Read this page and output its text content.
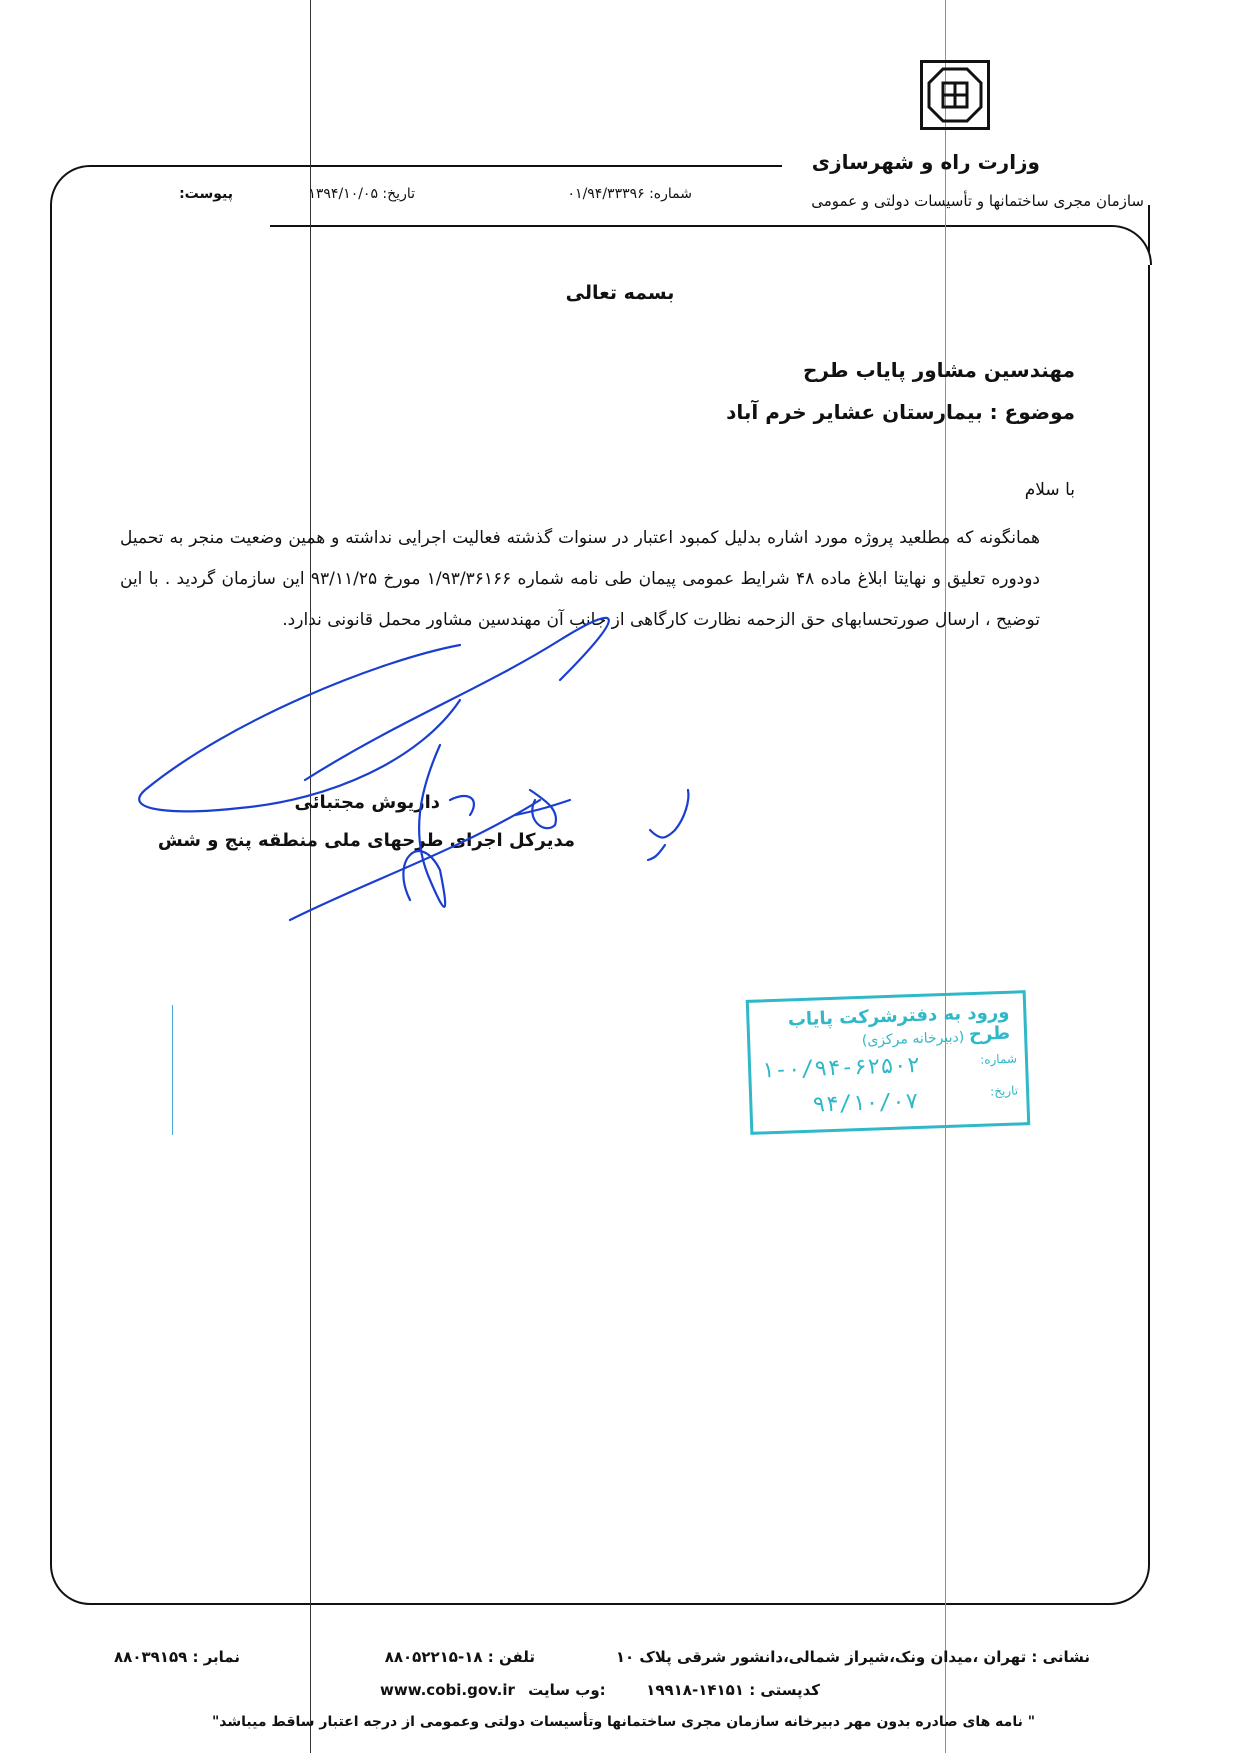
وزارت راه و شهرسازی
سازمان مجری ساختمانها و تأسیسات دولتی و عمومی
شماره: ۰۱/۹۴/۳۳۳۹۶
تاریخ: ۱۳۹۴/۱۰/۰۵
پیوست:
بسمه تعالی
مهندسین مشاور پایاب طرح
موضوع : بیمارستان عشایر خرم آباد
با سلام
همانگونه که مطلعید پروژه مورد اشاره بدلیل کمبود اعتبار در سنوات گذشته فعالیت اجرایی نداشته و همین وضعیت منجر به تحمیل دودوره تعلیق و نهایتا ابلاغ ماده ۴۸ شرایط عمومی پیمان طی نامه شماره ۱/۹۳/۳۶۱۶۶ مورخ ۹۳/۱۱/۲۵ این سازمان گردید . با این توضیح ، ارسال صورتحسابهای حق الزحمه نظارت کارگاهی از جانب آن مهندسین مشاور محمل قانونی ندارد.
داریوش مجتبائی
مدیرکل اجرای طرحهای ملی منطقه پنج و شش
ورود به دفترشرکت پایاب طرح
(دبیرخانه مرکزی)
شماره:
تاریخ:
۱-۰/۹۴-۶۲۵۰۲
۹۴/۱۰/۰۷
نشانی : تهران ،میدان ونک،شیراز شمالی،دانشور شرقی پلاک ۱۰
تلفن : ۱۸-۸۸۰۵۲۲۱۵
نمابر : ۸۸۰۳۹۱۵۹
کدپستی : ۱۴۱۵۱-۱۹۹۱۸
www.cobi.gov.ir وب سایت:
" نامه های صادره بدون مهر دبیرخانه سازمان مجری ساختمانها وتأسیسات دولتی وعمومی از درجه اعتبار ساقط میباشد"
